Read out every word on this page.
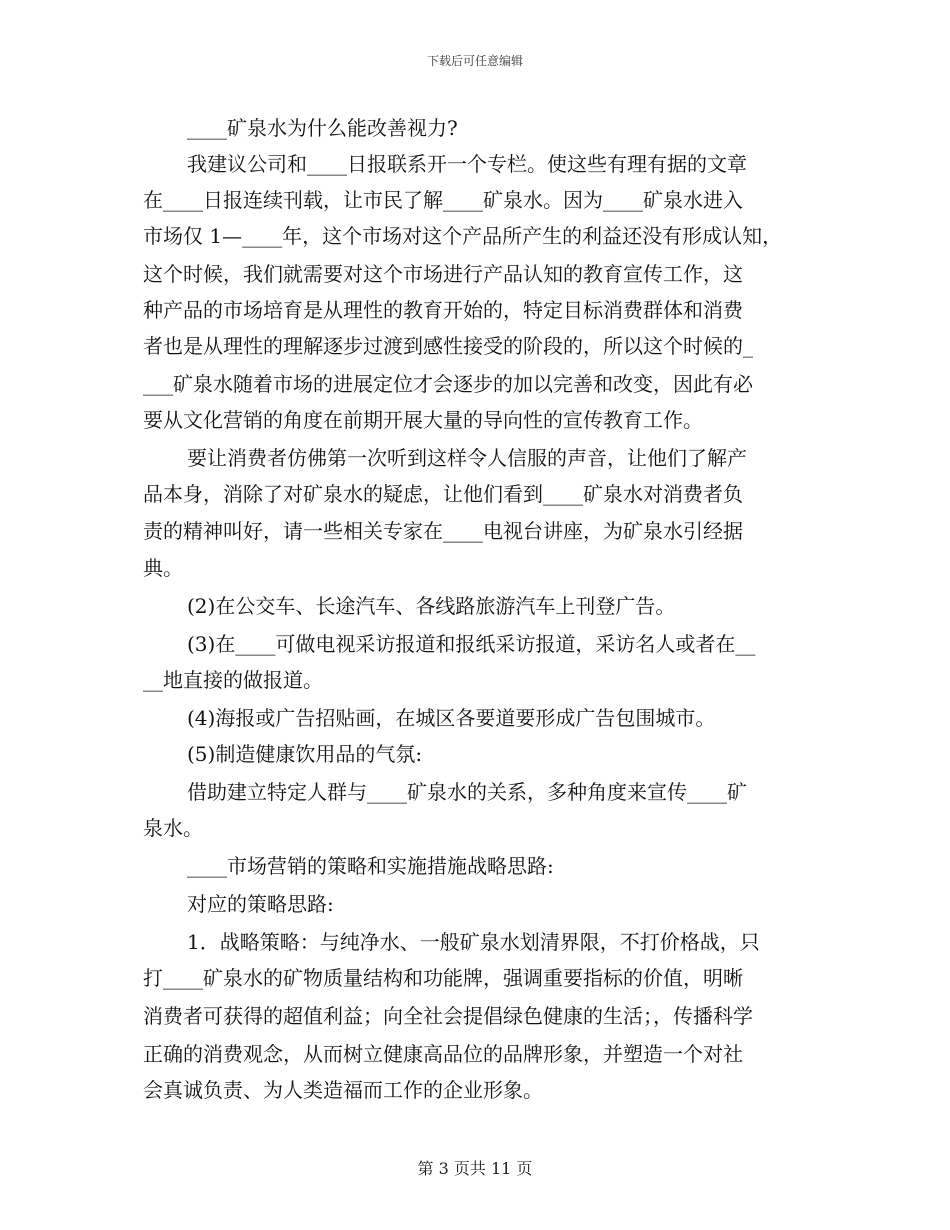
下载后可任意编辑
____矿泉水为什么能改善视力?
我建议公司和____日报联系开一个专栏。使这些有理有据的文章
在____日报连续刊载，让市民了解____矿泉水。因为____矿泉水进入
市场仅 1—____年，这个市场对这个产品所产生的利益还没有形成认知，
这个时候，我们就需要对这个市场进行产品认知的教育宣传工作，这
种产品的市场培育是从理性的教育开始的，特定目标消费群体和消费
者也是从理性的理解逐步过渡到感性接受的阶段的，所以这个时候的_
___矿泉水随着市场的进展定位才会逐步的加以完善和改变，因此有必
要从文化营销的角度在前期开展大量的导向性的宣传教育工作。
要让消费者仿佛第一次听到这样令人信服的声音，让他们了解产
品本身，消除了对矿泉水的疑虑，让他们看到____矿泉水对消费者负
责的精神叫好，请一些相关专家在____电视台讲座，为矿泉水引经据
典。
(2)在公交车、长途汽车、各线路旅游汽车上刊登广告。
(3)在____可做电视采访报道和报纸采访报道，采访名人或者在__
__地直接的做报道。
(4)海报或广告招贴画，在城区各要道要形成广告包围城市。
(5)制造健康饮用品的气氛:
借助建立特定人群与____矿泉水的关系，多种角度来宣传____矿
泉水。
____市场营销的策略和实施措施战略思路:
对应的策略思路:
1．战略策略：与纯净水、一般矿泉水划清界限，不打价格战，只
打____矿泉水的矿物质量结构和功能牌，强调重要指标的价值，明晰
消费者可获得的超值利益；向全社会提倡绿色健康的生活；，传播科学
正确的消费观念，从而树立健康高品位的品牌形象，并塑造一个对社
会真诚负责、为人类造福而工作的企业形象。
第 3 页共 11 页
